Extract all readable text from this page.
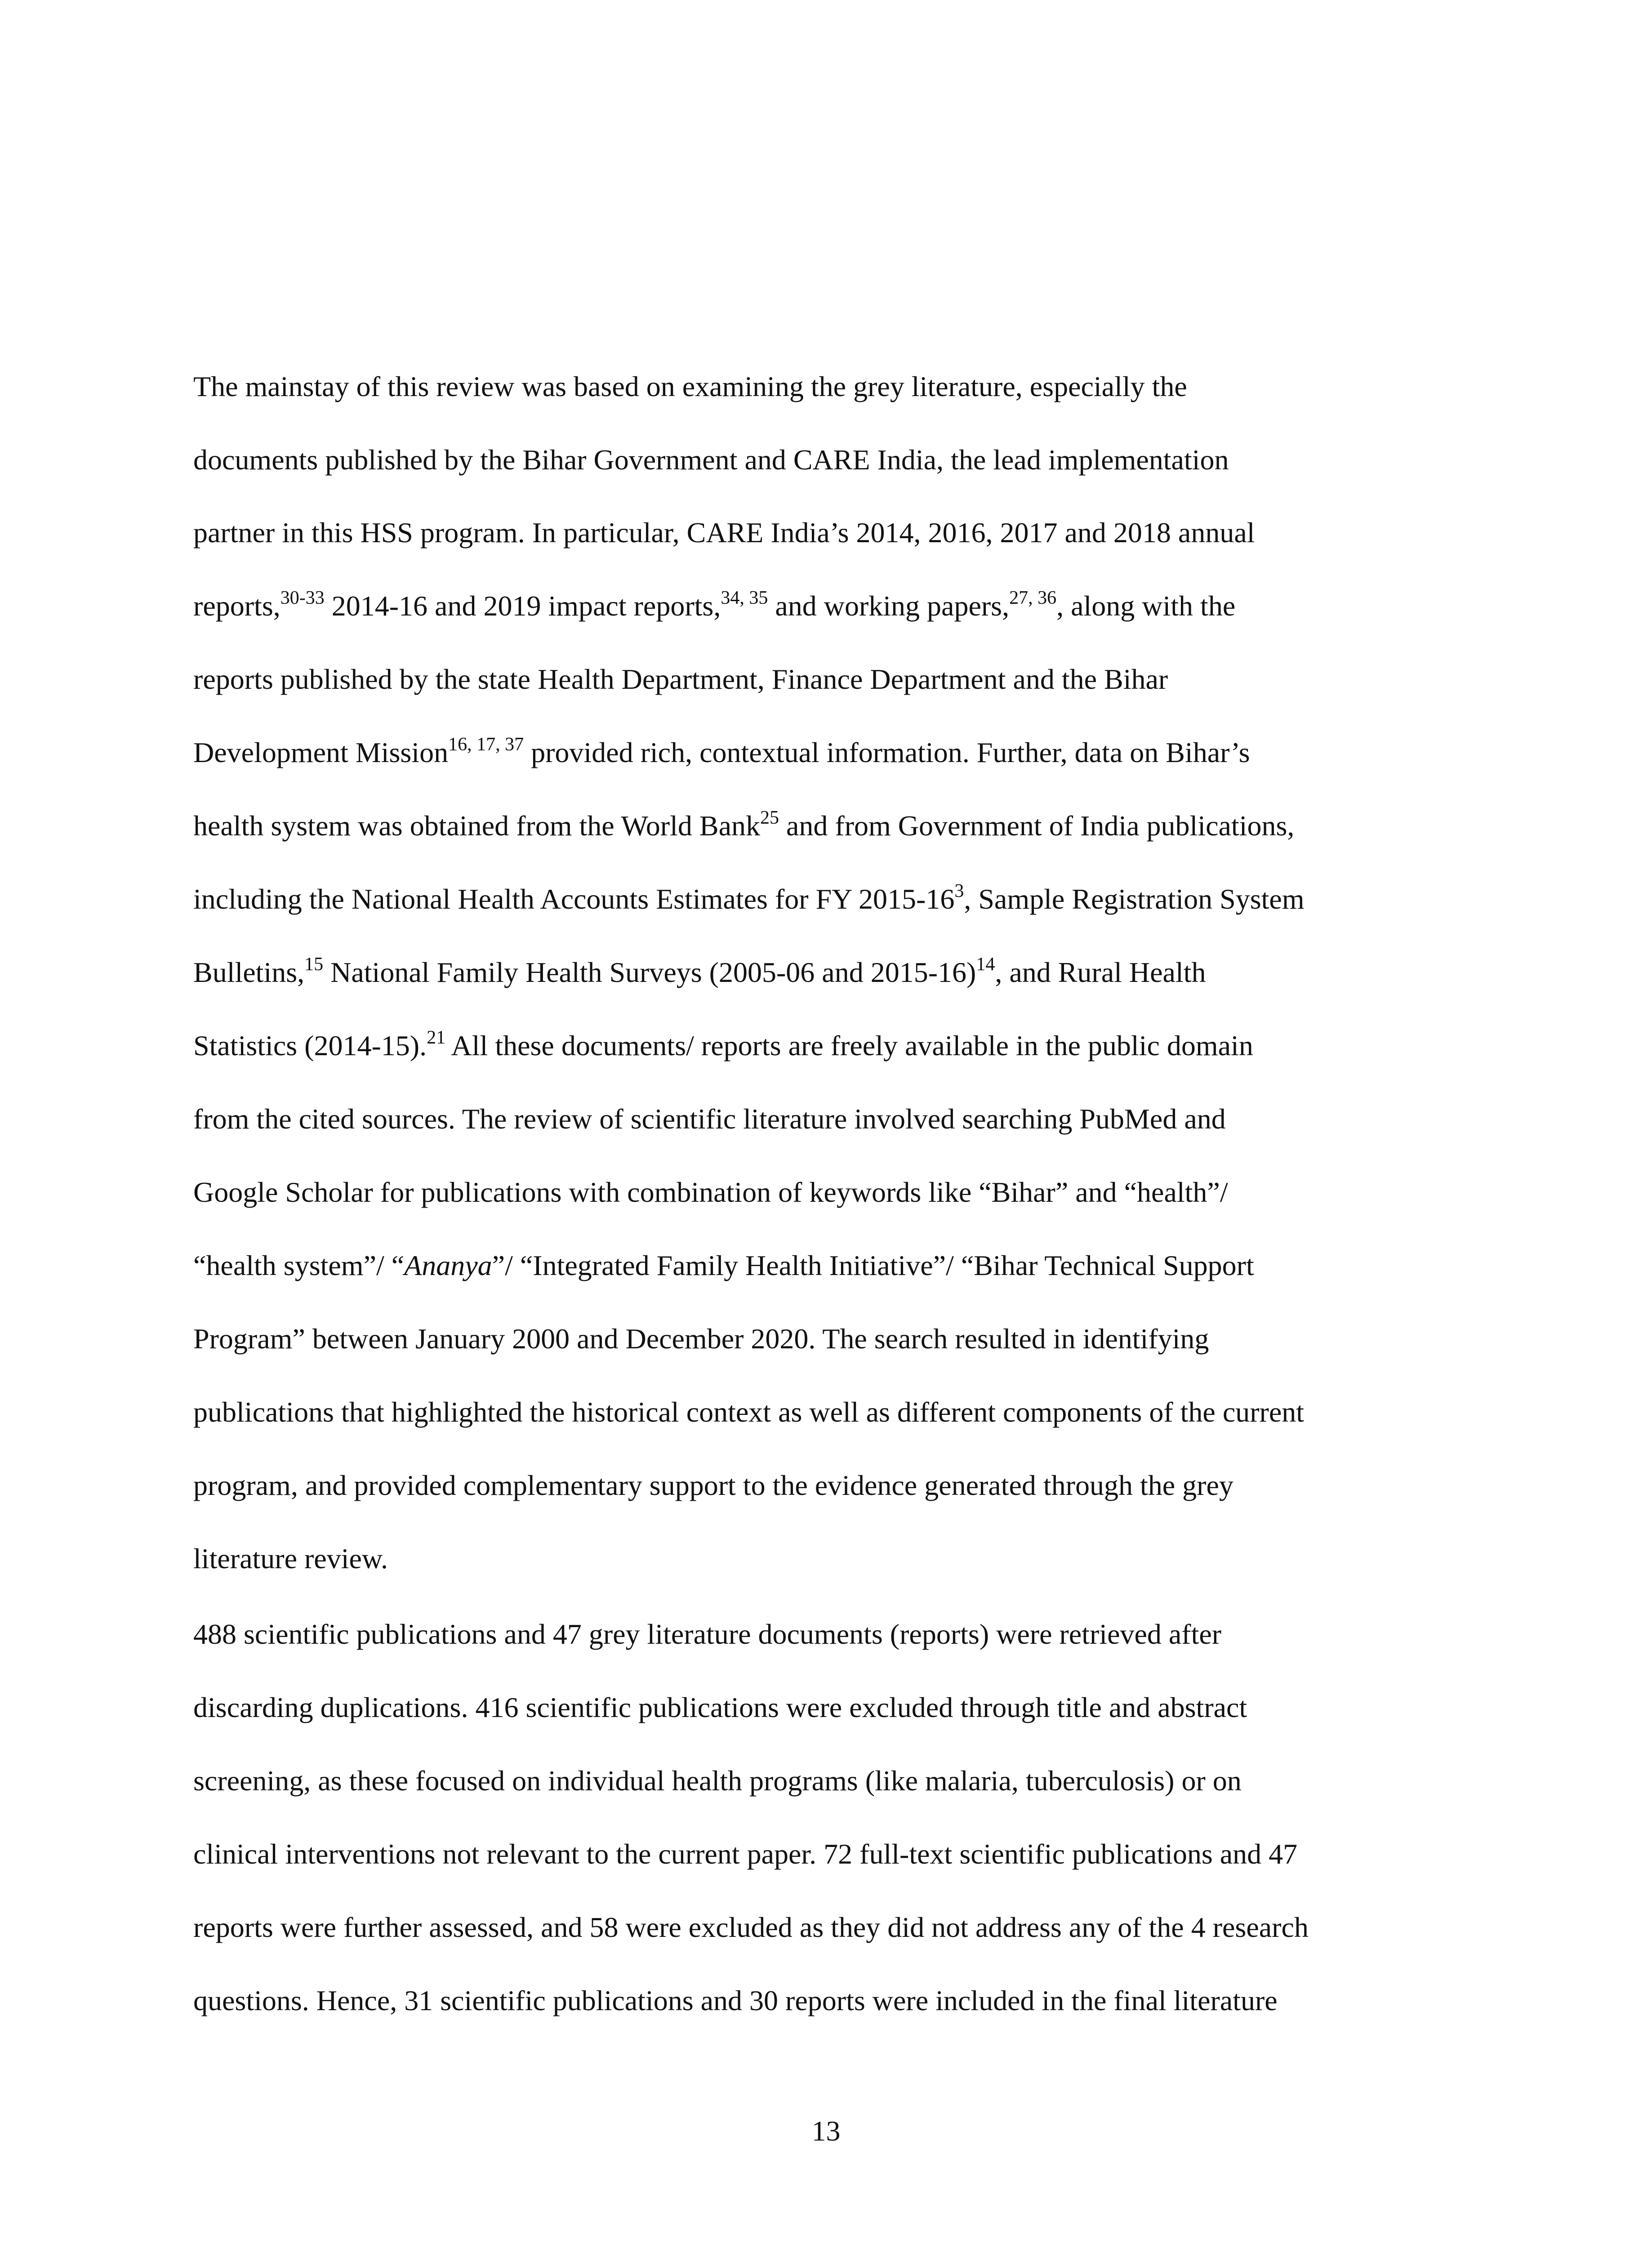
The mainstay of this review was based on examining the grey literature, especially the
documents published by the Bihar Government and CARE India, the lead implementation
partner in this HSS program. In particular, CARE India’s 2014, 2016, 2017 and 2018 annual
reports,$^{30-33}$ 2014-16 and 2019 impact reports,$^{34, 35}$ and working papers,$^{27, 36}$, along with the
reports published by the state Health Department, Finance Department and the Bihar
Development Mission$^{16, 17, 37}$ provided rich, contextual information. Further, data on Bihar’s
health system was obtained from the World Bank$^{25}$ and from Government of India publications,
including the National Health Accounts Estimates for FY $2015-16^3$, Sample Registration System
Bulletins,$^{15}$ National Family Health Surveys (2005-06 and 2015-16)$^{14}$, and Rural Health
Statistics (2014-15).$^{21}$ All these documents/ reports are freely available in the public domain
from the cited sources. The review of scientific literature involved searching PubMed and
Google Scholar for publications with combination of keywords like “Bihar” and “health”/
“health system”/ “Ananya”/ “Integrated Family Health Initiative”/ “Bihar Technical Support
Program” between January 2000 and December 2020. The search resulted in identifying
publications that highlighted the historical context as well as different components of the current
program, and provided complementary support to the evidence generated through the grey
literature review.
488 scientific publications and 47 grey literature documents (reports) were retrieved after
discarding duplications. 416 scientific publications were excluded through title and abstract
screening, as these focused on individual health programs (like malaria, tuberculosis) or on
clinical interventions not relevant to the current paper. 72 full-text scientific publications and 47
reports were further assessed, and 58 were excluded as they did not address any of the 4 research
questions. Hence, 31 scientific publications and 30 reports were included in the final literature
13
